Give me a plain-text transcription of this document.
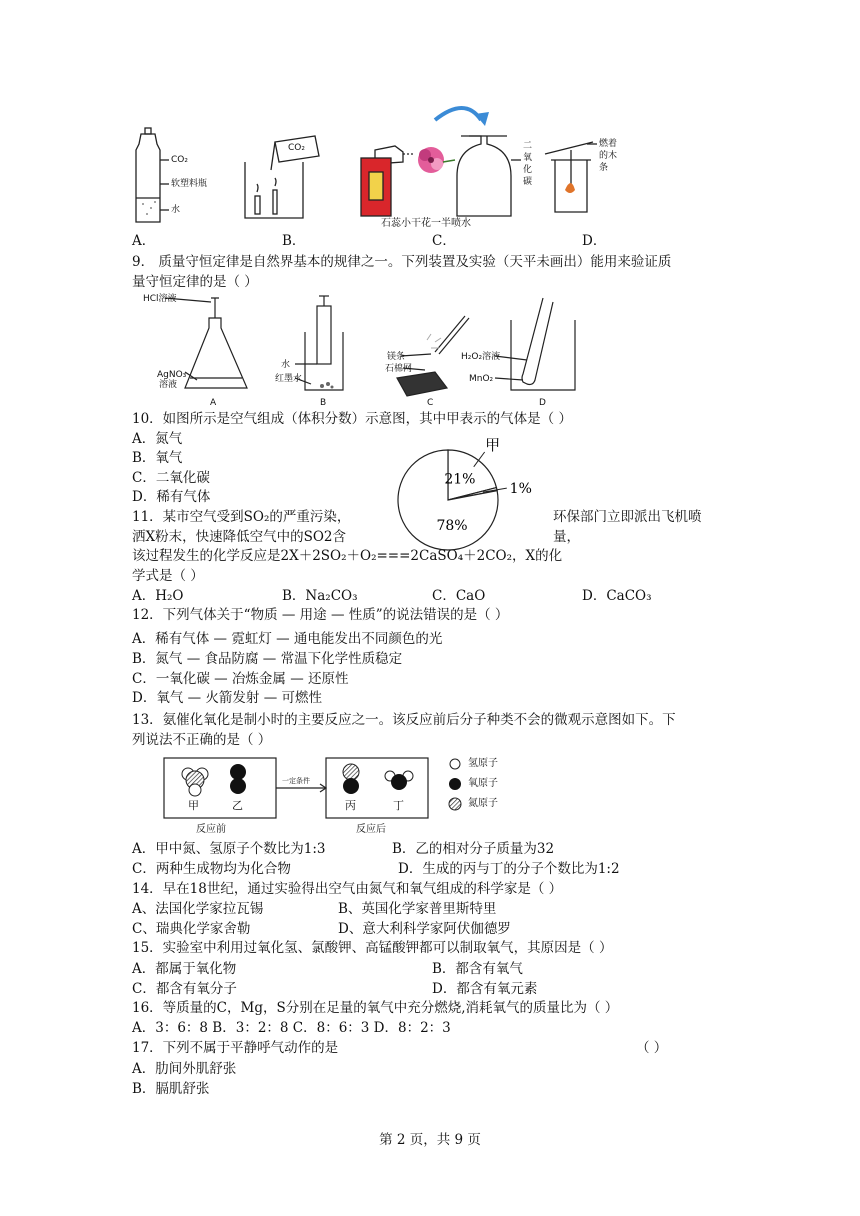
CO₂
软塑料瓶
水
CO₂	二氧化碳
石蕊小干花一半喷水
燃着的木条
A．	B．	C．	D．
9． 质量守恒定律是自然界基本的规律之一。下列装置及实验（天平未画出）能用来验证质
量守恒定律的是（ ）
HCl溶液
AgNO₃
溶液
水
红墨水
镁条
石棉网
H₂O₂溶液
MnO₂
A	B	C	D
10．如图所示是空气组成（体积分数）示意图，其中甲表示的气体是（ ）
A．氮气
B．氧气
C．二氧化碳
D．稀有气体
21%
78%
1%
甲
11．某市空气受到SO₂的严重污染，	环保部门立即派出飞机喷
洒X粉末，快速降低空气中的SO2含	量，
该过程发生的化学反应是2X＋2SO₂＋O₂===2CaSO₄＋2CO₂，X的化
学式是（ ）
A．H₂O	B．Na₂CO₃	C．CaO	D．CaCO₃
12．下列气体关于“物质 — 用途 — 性质”的说法错误的是（ ）
A．稀有气体 — 霓虹灯 — 通电能发出不同颜色的光
B．氮气 — 食品防腐 — 常温下化学性质稳定
C．一氧化碳 — 冶炼金属 — 还原性
D．氧气 — 火箭发射 — 可燃性
13．氨催化氧化是制小时的主要反应之一。该反应前后分子种类不会的微观示意图如下。下
列说法不正确的是（ ）
甲	乙	丙	丁
一定条件
反应前	反应后
氢原子
氧原子
氮原子
A．甲中氮、氢原子个数比为1:3	B．乙的相对分子质量为32
C．两种生成物均为化合物	D．生成的丙与丁的分子个数比为1:2
14．早在18世纪，通过实验得出空气由氮气和氧气组成的科学家是（ ）
A、法国化学家拉瓦锡	B、英国化学家普里斯特里
C、瑞典化学家舍勒	D、意大利科学家阿伏伽德罗
15．实验室中利用过氧化氢、氯酸钾、高锰酸钾都可以制取氧气，其原因是（ ）
A．都属于氧化物	B．都含有氧气
C．都含有氧分子	D．都含有氧元素
16．等质量的C，Mg，S分别在足量的氧气中充分燃烧,消耗氧气的质量比为（ ）
A．3：6：8 B．3：2：8 C．8：6：3 D．8：2：3
17．下列不属于平静呼气动作的是	（ ）
A．肋间外肌舒张
B．膈肌舒张
第 2 页，共 9 页
